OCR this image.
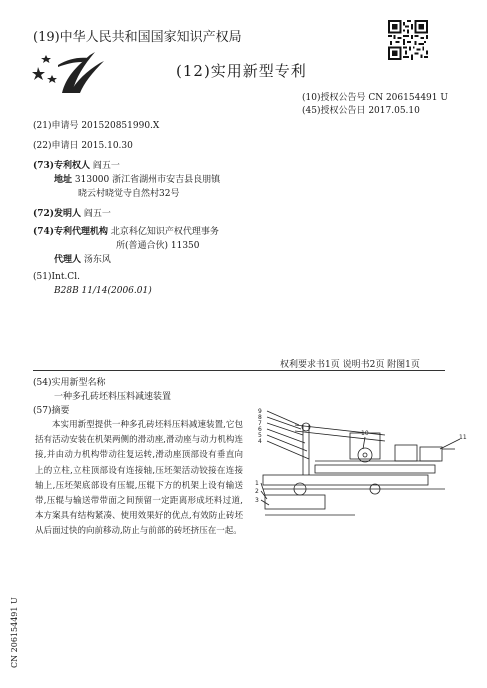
(19)中华人民共和国国家知识产权局
(12)实用新型专利
(10)授权公告号 CN 206154491 U
(45)授权公告日 2017.05.10
(21)申请号 201520851990.X
(22)申请日 2015.10.30
(73)专利权人 阎五一
地址 313000 浙江省湖州市安吉县良朋镇
晓云村晓觉寺自然村32号
(72)发明人 阎五一
(74)专利代理机构 北京科亿知识产权代理事务
所(普通合伙) 11350
代理人 汤东风
(51)Int.Cl.
B28B 11/14(2006.01)
权利要求书1页 说明书2页 附图1页
(54)实用新型名称
一种多孔砖坯料压料减速装置
(57)摘要
本实用新型提供一种多孔砖坯料压料减速装置,它包括有活动安装在机架两侧的滑动座,滑动座与动力机构连接,并由动力机构带动往复运转,滑动座顶部设有垂直向上的立柱,立柱顶部设有连接轴,压坯架活动铰接在连接轴上,压坯架底部设有压辊,压辊下方的机架上设有输送带,压辊与输送带带面之间预留一定距离形成坯料过道,本方案具有结构紧凑、使用效果好的优点,有效防止砖坯从后面过快的向前移动,防止与前部的砖坯挤压在一起。
9
8
7
6
5
4
10
11
1
2
3
CN 206154491 U
